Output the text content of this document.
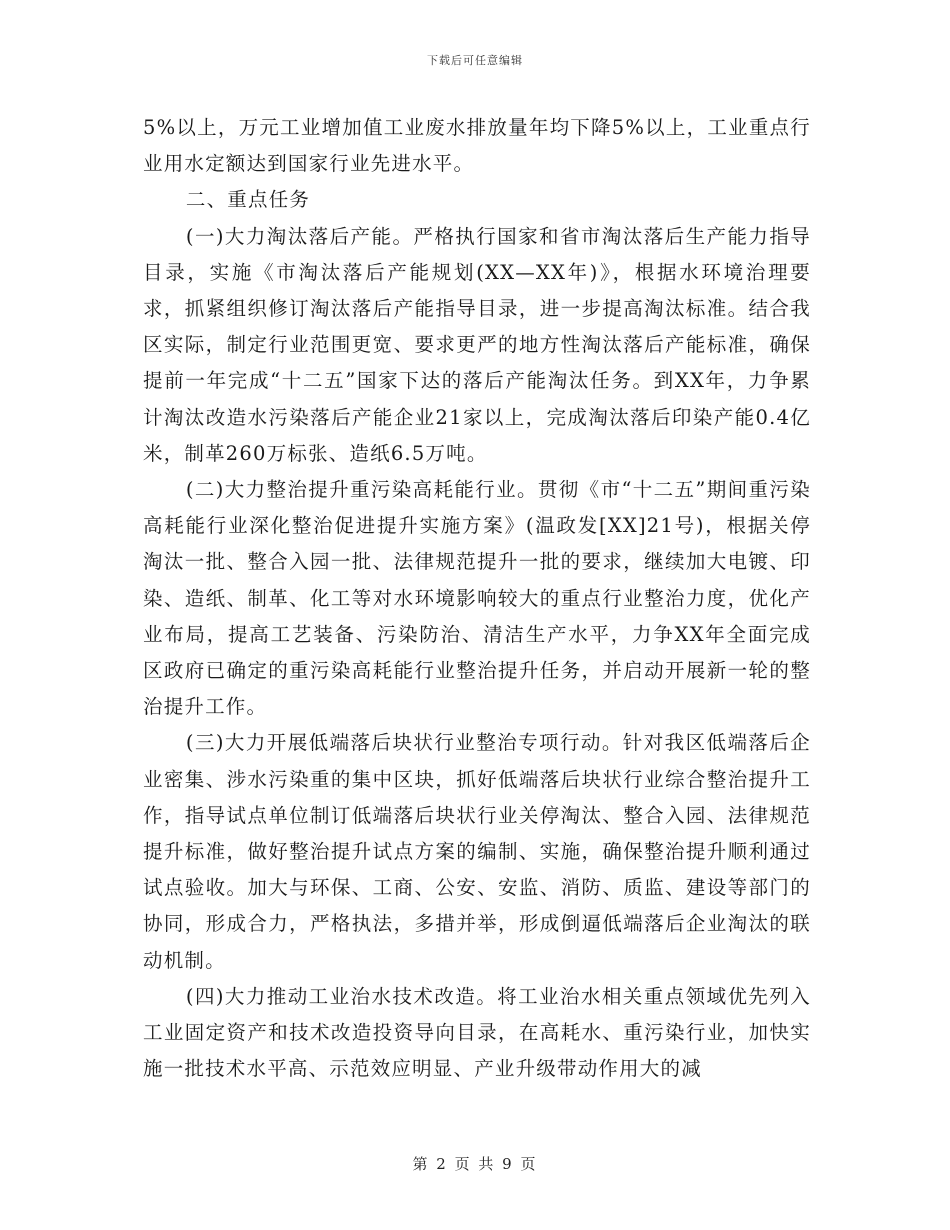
下载后可任意编辑

5%以上，万元工业增加值工业废水排放量年均下降5%以上，工业重点行业用水定额达到国家行业先进水平。

二、重点任务

(一)大力淘汰落后产能。严格执行国家和省市淘汰落后生产能力指导目录，实施《市淘汰落后产能规划(XX—XX年)》，根据水环境治理要求，抓紧组织修订淘汰落后产能指导目录，进一步提高淘汰标准。结合我区实际，制定行业范围更宽、要求更严的地方性淘汰落后产能标准，确保提前一年完成“十二五”国家下达的落后产能淘汰任务。到XX年，力争累计淘汰改造水污染落后产能企业21家以上，完成淘汰落后印染产能0.4亿米，制革260万标张、造纸6.5万吨。

(二)大力整治提升重污染高耗能行业。贯彻《市“十二五”期间重污染高耗能行业深化整治促进提升实施方案》(温政发[XX]21号)，根据关停淘汰一批、整合入园一批、法律规范提升一批的要求，继续加大电镀、印染、造纸、制革、化工等对水环境影响较大的重点行业整治力度，优化产业布局，提高工艺装备、污染防治、清洁生产水平，力争XX年全面完成区政府已确定的重污染高耗能行业整治提升任务，并启动开展新一轮的整治提升工作。

(三)大力开展低端落后块状行业整治专项行动。针对我区低端落后企业密集、涉水污染重的集中区块，抓好低端落后块状行业综合整治提升工作，指导试点单位制订低端落后块状行业关停淘汰、整合入园、法律规范提升标准，做好整治提升试点方案的编制、实施，确保整治提升顺利通过试点验收。加大与环保、工商、公安、安监、消防、质监、建设等部门的协同，形成合力，严格执法，多措并举，形成倒逼低端落后企业淘汰的联动机制。

(四)大力推动工业治水技术改造。将工业治水相关重点领域优先列入工业固定资产和技术改造投资导向目录，在高耗水、重污染行业，加快实施一批技术水平高、示范效应明显、产业升级带动作用大的减

第 2 页 共 9 页
